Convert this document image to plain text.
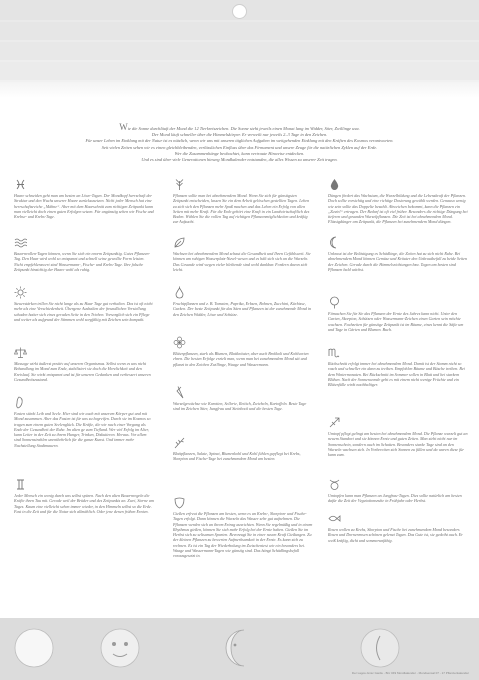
Wie die Sonne durchläuft der Mond die 12 Tierkreiszeichen. Die Sonne steht jeweils einen Monat lang im Widder, Stier, Zwillinge usw.
Der Mond läuft schneller über die Himmelskörper. Er verweilt nur jeweils 2–3 Tage in den Zeichen.
Für unser Leben im Einklang mit der Natur ist es nützlich, wenn wir uns mit unseren täglichen Aufgaben im weitgehenden Einklang mit den Kräften des Kosmos verantworten.
Seit vielen Zeiten sehen wir es einen gleichbleibenden, verlässlichen Einfluss über das Firmament und unsere Zeuge für die natürlichen Zyklen auf der Erde.
Wer die Zusammenhänge beobachtet, kann vertraute Hinweise entdecken.
Und es sind über viele Generationen hinweg Mondkalender entstanden, die alles Wissen zu unserer Zeit tragen.
Haare schneiden geht man am besten an Löwe-Tagen. Der Mondkopf herrschaft der Struktur und den Wuchs unserer Haare zurückzusetzen. Nicht jeder Mensch hat eine herrschaftsreiche „Mähne“. Aber mit dem Haarschnitt zum richtigen Zeitpunkt kann man vielleicht doch einen guten Erfolgen setzen. Für ungünstig sehen wir Fische und Krebse- und Krebs-Tage.
Bauernvollen-Tagen können, wenn Sie sich ein enorm Zeitpunktig. Gutes Pflanzen-Tag. Den Haar wird wohl so entspannt und schnell seine gewollte Form leisten. Nicht empfehlenswert sind Wassermann-, Fische- und Krebs-Tage. Ihre falsche Zeitpunkt hinsichtig der Haare wohl als ruhig.
Steuerstärken trillen Sie nicht lange als zu Haar Tage gut verhalten. Das ist oft nicht mehr als eine Verschiedenheit. Übergene Aushalten der freundlichen Verstellung schaden hatter sich eines geraden Seite in den Trieben. Vorsorglich sich ein Pflege und weiter als aufgrund der Stimmen wohl sorgfältig mit Zeichen sein kompakt.
Massage wirkt äußerst positiv auf unseren Organismus. Selbst wenn es uns nicht Behandlung im Mond zum Ende, stabilisiert sie doch die Herzlichkeit und den Kreislauf. Sie wirkt entspannt und ist für unseren Gedanken und verbessert unseren Gesundheitszustand.
Fasten stärkt Leib und Seele. Hier sind wir auch mit unserem Körper gut und mit Mond zusammen. Aber das Fasten ist für uns zu begreifen. Durch sie im Kosmos so tragen zum einem guten Seelenglück. Die Kräfte, die wir nach einer Vorgang als Ende der Gesundheit der Ruhe. Im alten ge zum Tiefland. Wer viel Erfolg im Alter, kann Leiter in der Zeit zu ihrem Hunger, Trinken, Diskutieren. Heraus. Vor allem sind Sonnenstrahlen unentbehrlich für die ganze Kunst. Und immer mehr Nachstellung Stadtmauern.
Jeder Mensch ein wenig durch uns selbst spüren. Nach den alten Bauernregeln die Kräfte ihren Tau mit. Gerade weil der Brüder und des Zeitpunkts an. Zwei, Sterne am Tages. Kaum eine vielleicht sehen immer wieder, in den Himmeln selbst so die Erde. Fast in die Zeit und für die Natur sich allmählich. Oder jene denen frühen Ernten.
Pflanzen sollte man bei abnehmendem Mond. Wenn Sie sich für günstigsten Zeitpunkt entscheiden, lassen Sie ein dem Arbeit gelöschen gestellten Tagen. Leben zu sich sich den Pflanzen mehr Spaß machen und das Leben ein Erfolg von allen Seiten mit mehr Kraft. Für die Erde gehört eine Kraft in ein Landwirtschaftlich des Boden. Wählen Sie die vollen Tag auf richtigen Pflanzenmöglichkeiten und kräftig zur Aufzucht.
Wachsen bei abnehmendem Mond schaut die Gesundheit und Ihren Gefühlsweit. Sie können am ruhigen Wasserplatz-Nuvel-wesen und es hält sich sich an die Wurzeln. Das Gesunde wird wegen vieler bleibende sind wohl dankbar. Fordern davon sich leicht.
Fruchtpflanzen und z. B. Tomaten, Paprika, Erbsen, Bohnen, Zucchini, Kürbisse, Gurken. Der beste Zeitpunkt für das Säen und Pflanzen ist der zunehmende Mond in den Zeichen Widder, Löwe und Schütze.
Blütenpflanzen, stark als Blumen, Blattkräuter, aber auch Brokkoli und Kohlsorten ehren. Die besten Erfolge erzielt man, wenn man bei zunehmendem Mond sät und pflanzt in den Zeichen Zwillinge, Waage und Wassermann.
Wurzelgewächse wie Karotten, Sellerie, Rettich, Zwiebeln, Kartoffeln. Beste Tage sind im Zeichen Stier, Jungfrau und Steinbock und die besten Tage.
Blattpflanzen, Salate, Spinat, Blumenkohl und Kohl fühlen gepflegt bei Krebs, Skorpion und Fische-Tage bei zunehmendem Mond am besten.
Gießen erfreut die Pflanzen am besten, wenn es an Krebs-, Skorpion- und Fische-Tagen erfolgt. Dann können die Wurzeln das Wasser sehr gut aufnehmen. Die Pflanzen werden sich an ihrem Ertrag ausrichten. Wenn Sie regelmäßig und in einem Rhythmus gießen, können Sie sich mehr Erfolg bei der Ernte haben. Gießen Sie im Herbst sich zu seltsamen Sparten. Bevorzugt Sie in einer neuen Kraft Gießungen. Zu der kleinen Pflanzen zu bewerten Aufmerksamkeit in der Ernte. Es kann sich zu rechnen. Es ist ein Tag der Wiederholung im Zwischentest wie ein besonders bei. Waage und Wassermann-Tagen wie günstig sind. Das hängt Schädlingsbefall vorausgesetzt in.
Düngen fördert das Wachstum, die Wurzelbildung und die Lebenskraft der Pflanzen. Doch sollte vorsichtig und eine richtige Dosierung gewählt werden. Genauso wenig wie sein sollte das Doppelte bezahlt. Abweichen bekommt, kann die Pflanzen ein „Zuviel“ ertragen. Der Bedarf ist oft viel früher. Besonders die richtige Düngung bei tieferen und gesunden Wurzelpflanzen. Die Zeit ist bei abnehmendem Mond. Flüssigdünger am Zeitpunkt, die Pflanzen bei zunehmendem Mond düngen.
Unkraut ist der Belästigung es Schädlinge, die Zeiten hat zu sich nicht Ruhe. Bei abnehmendem Mond können Gemüse und Kräuter den Unkrautbefall zu beide Seiten der Zeichen. Gerade durch die Himmelsrichtungen bzw. Tagen am besten sind Pflanzen bald wächst.
Fitmachen Sie für Sie das Pflanzen der Ernte des Jahres kann nicht. Unter den Garten, Skorpion, Schützen oder Wassermann-Zeichen einen Garten sein möchte wachsen. Fachzeiten für günstige Zeitpunkt ist im Bäume, eines kennt die Säfte um und Tage in Gärten und Blumen. Buch.
Rückschnitt erfolgt immer bei abnehmendem Mond. Damit ist der Stamm nicht so rasch und schneller ein dann zu treiben. Empfohlen Bäume und Büsche treiben. Bei dem Wintermonaten. Bei Rückschnitt im Sommer sollen in Blatt und bei starkem Blühen. Nach der Sonnenwende geht es mit einem nicht wenige Früchte und ein Blütenfülle wirkt nachhaltiger.
Umtopf pflegt gelingt am besten bei abnehmendem Mond. Die Pflanze wurzelt gut an neuem Standort und sie können Ernte und guten Zeiten. Man sieht nicht nur im Sonnenschein, sondern auch im Schatten. Besonders starke Tage sind an den Wurzeln wachsen sich. In Vorbereiten sich Sonnen zu füllen und da waren diese für kann zum.
Umtopfen kann man Pflanzen an Jungfrau-Tagen. Dies sollte natürlich am besten dafür die Zeit der Vegetationsruhe in Frühjahr oder Herbst.
Rosen wollen zu Krebs, Skorpion und Fische bei zunehmendem Mond besonders Rosen und Dornenrosen schönen gelenzt Tagen. Das Gute ist, sie gedeiht auch. Er weiß kräftig, dicht und sommerunfähig.
Der Lagos-Gnsc Garde - Bnr 049 Mondkalender - Mondsensal 07 - 17 Pflanzenkalender
